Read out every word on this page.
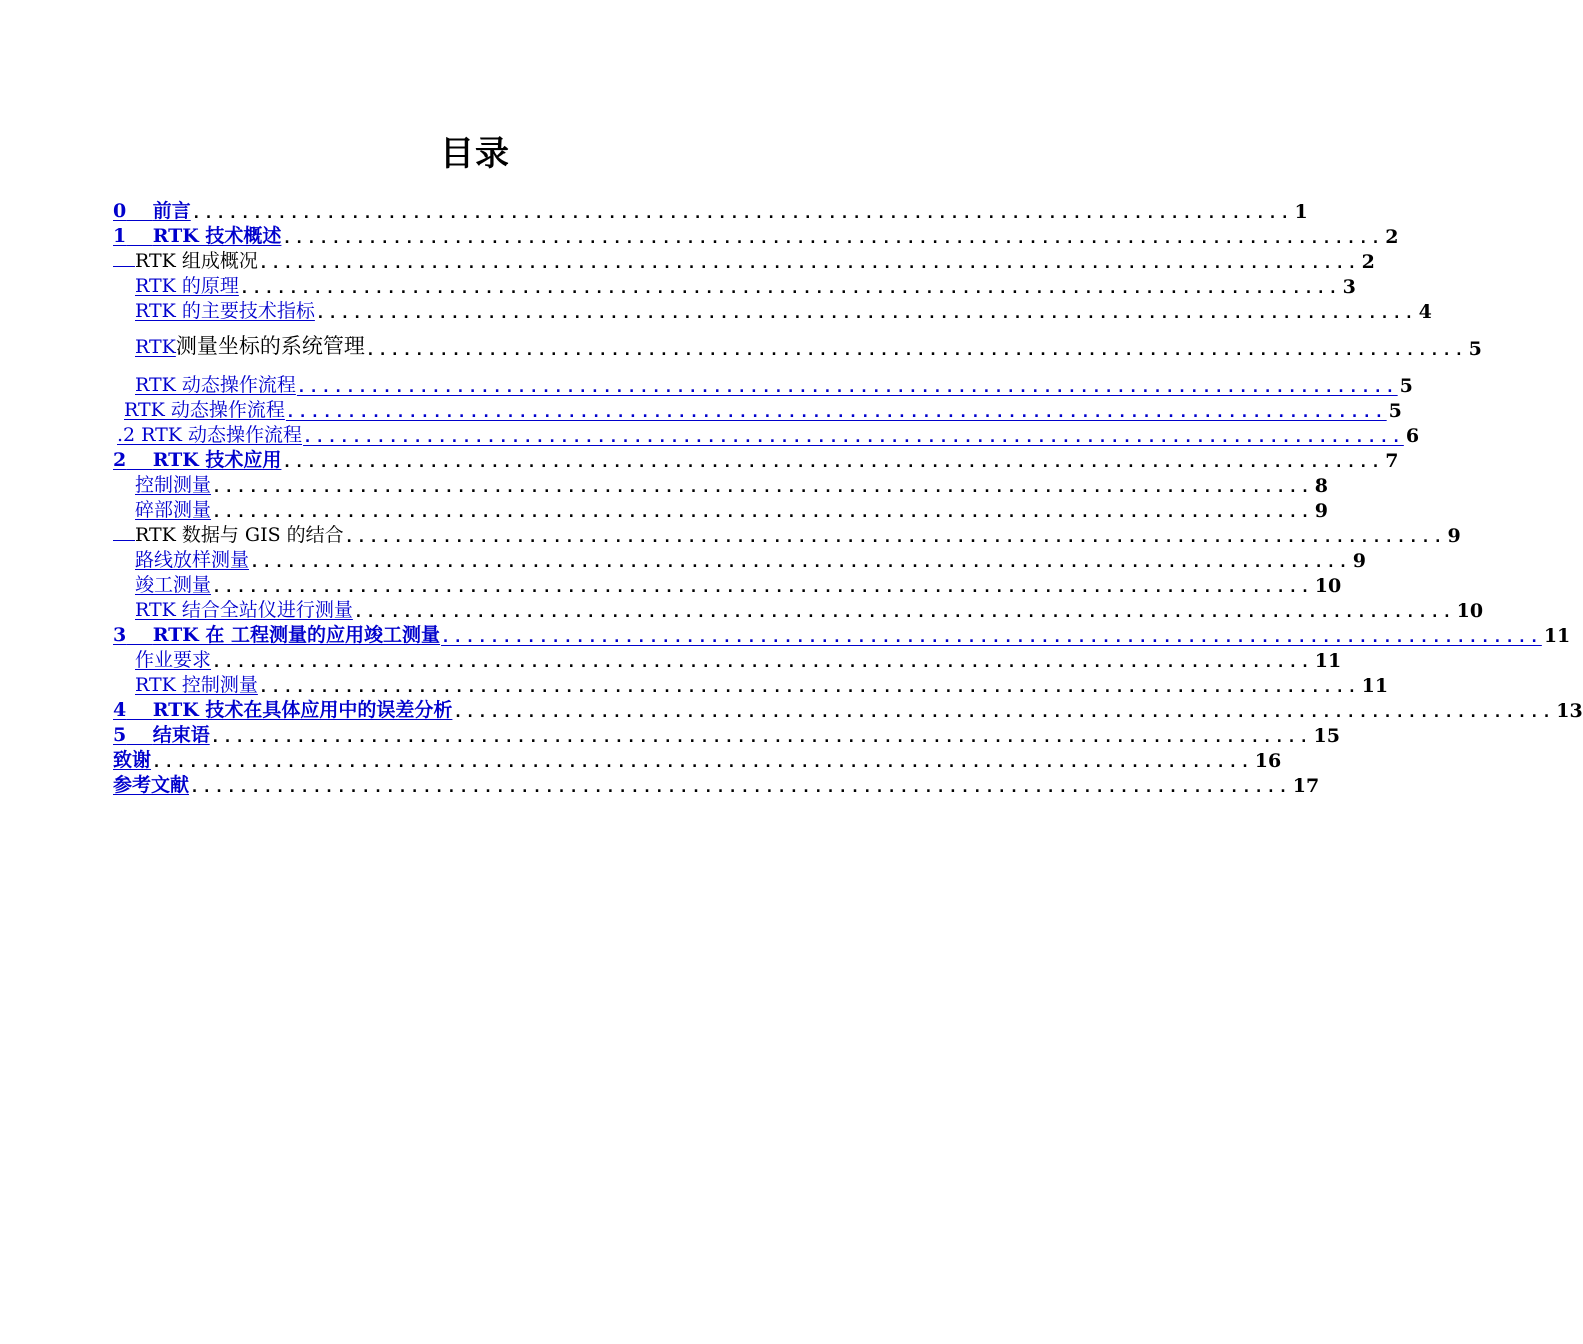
目录
0 前言 .......................................................................................... 1
1 RTK 技术概述 .......................................................................................... 2
RTK 组成概况 .......................................................................................... 2
RTK 的原理 .......................................................................................... 3
RTK 的主要技术指标 .......................................................................................... 4
RTK测量坐标的系统管理 .......................................................................................... 5
RTK 动态操作流程 .......................................................................................... 5
RTK 动态操作流程 .......................................................................................... 5
.2 RTK 动态操作流程 .......................................................................................... 6
2 RTK 技术应用 .......................................................................................... 7
控制测量 .......................................................................................... 8
碎部测量 .......................................................................................... 9
RTK 数据与 GIS 的结合 .......................................................................................... 9
路线放样测量 .......................................................................................... 9
竣工测量 .......................................................................................... 10
RTK 结合全站仪进行测量 .......................................................................................... 10
3 RTK 在 工程测量的应用竣工测量 .......................................................................................... 11
作业要求 .......................................................................................... 11
RTK 控制测量 .......................................................................................... 11
4 RTK 技术在具体应用中的误差分析 .......................................................................................... 13
5 结束语 .......................................................................................... 15
致谢 .......................................................................................... 16
参考文献 .......................................................................................... 17
